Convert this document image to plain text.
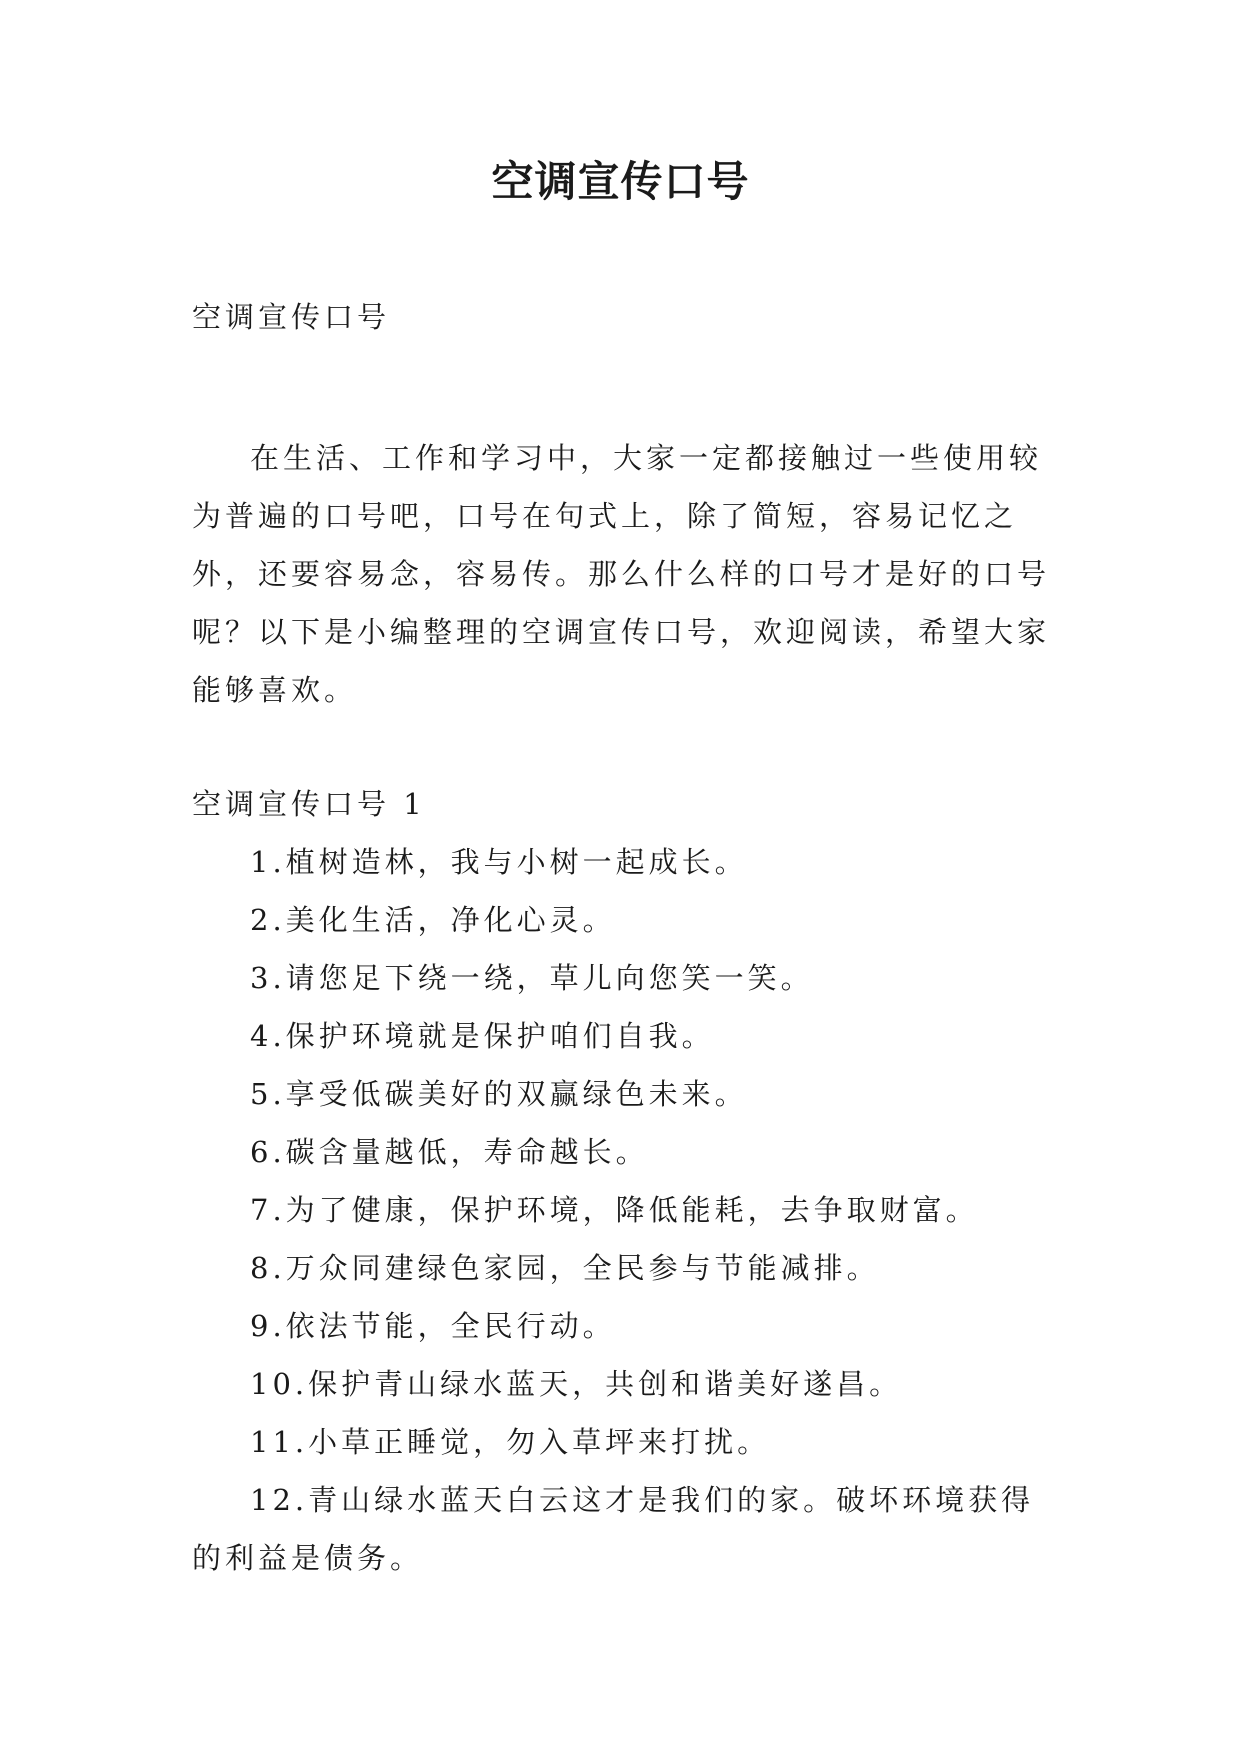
空调宣传口号

空调宣传口号

在生活、工作和学习中，大家一定都接触过一些使用较为普遍的口号吧，口号在句式上，除了简短，容易记忆之外，还要容易念，容易传。那么什么样的口号才是好的口号呢？以下是小编整理的空调宣传口号，欢迎阅读，希望大家能够喜欢。

空调宣传口号 1

1.植树造林，我与小树一起成长。
2.美化生活，净化心灵。
3.请您足下绕一绕，草儿向您笑一笑。
4.保护环境就是保护咱们自我。
5.享受低碳美好的双赢绿色未来。
6.碳含量越低，寿命越长。
7.为了健康，保护环境，降低能耗，去争取财富。
8.万众同建绿色家园，全民参与节能减排。
9.依法节能，全民行动。
10.保护青山绿水蓝天，共创和谐美好遂昌。
11.小草正睡觉，勿入草坪来打扰。
12.青山绿水蓝天白云这才是我们的家。破坏环境获得的利益是债务。
